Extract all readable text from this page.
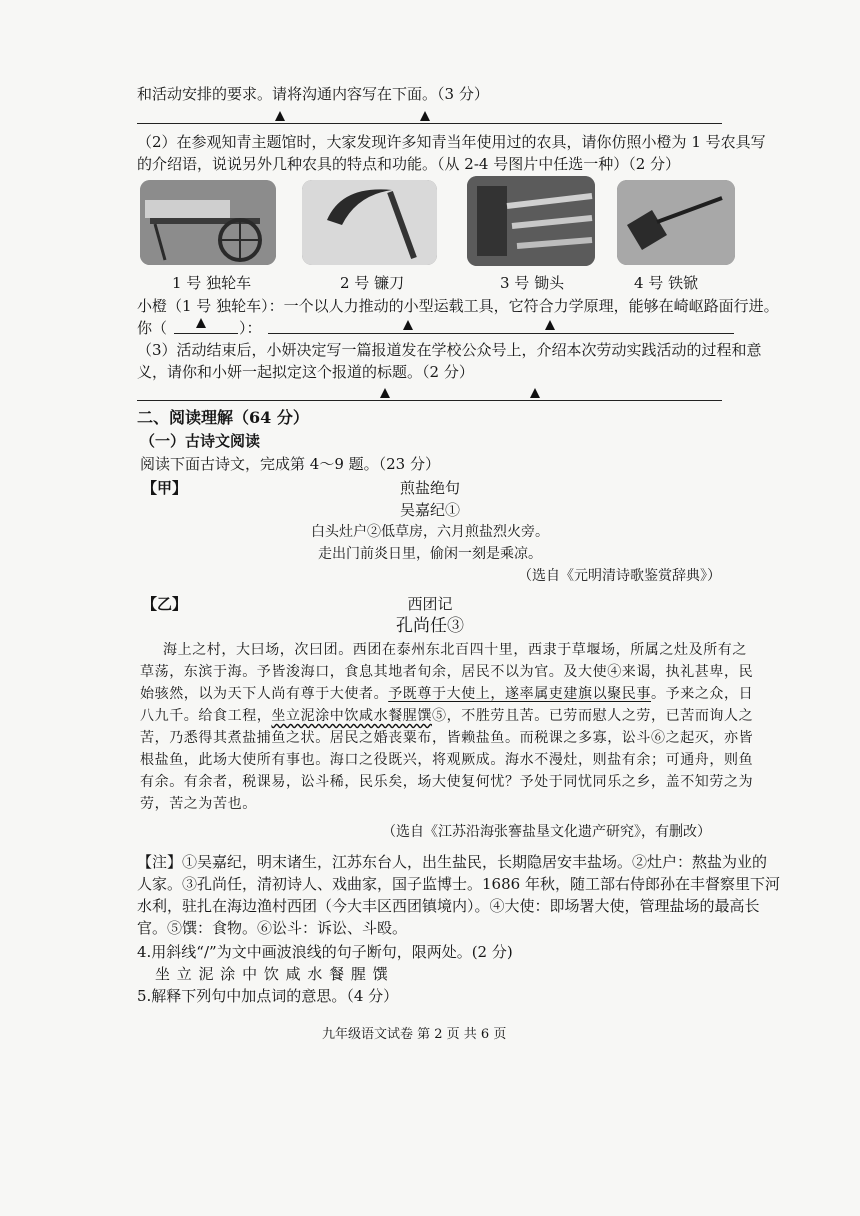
和活动安排的要求。请将沟通内容写在下面。（3 分）
（2）在参观知青主题馆时，大家发现许多知青当年使用过的农具，请你仿照小橙为 1 号农具写
的介绍语，说说另外几种农具的特点和功能。（从 2-4 号图片中任选一种）（2 分）
1 号 独轮车	2 号 镰刀	3 号 锄头	4 号 铁锨
小橙（1 号 独轮车）：一个以人力推动的小型运载工具，它符合力学原理，能够在崎岖路面行进。
你（	）：
（3）活动结束后，小妍决定写一篇报道发在学校公众号上，介绍本次劳动实践活动的过程和意
义，请你和小妍一起拟定这个报道的标题。（2 分）
二、阅读理解（64 分）
（一）古诗文阅读
阅读下面古诗文，完成第 4～9 题。（23 分）
【甲】	煎盐绝句
吴嘉纪①
白头灶户②低草房，六月煎盐烈火旁。
走出门前炎日里，偷闲一刻是乘凉。
（选自《元明清诗歌鉴赏辞典》）
【乙】	西团记
孔尚任③
海上之村，大曰场，次曰团。西团在泰州东北百四十里，西隶于草堰场，所属之灶及所有之
草荡，东滨于海。予皆浚海口，食息其地者旬余，居民不以为官。及大使④来谒，执礼甚卑，民
始骇然，以为天下人尚有尊于大使者。予既尊于大使上，遂率属吏建旗以聚民事。予来之众，日
八九千。给食工程，坐立泥涂中饮咸水餐腥馔⑤，不胜劳且苦。已劳而慰人之劳，已苦而询人之
苦，乃悉得其煮盐捕鱼之状。居民之婚丧粟布，皆赖盐鱼。而税课之多寡，讼斗⑥之起灭，亦皆
根盐鱼，此场大使所有事也。海口之役既兴，将观厥成。海水不漫灶，则盐有余；可通舟，则鱼
有余。有余者，税课易，讼斗稀，民乐矣，场大使复何忧？予处于同忧同乐之乡，盖不知劳之为
劳，苦之为苦也。
（选自《江苏沿海张謇盐垦文化遗产研究》，有删改）
【注】①吴嘉纪，明末诸生，江苏东台人，出生盐民，长期隐居安丰盐场。②灶户：熬盐为业的
人家。③孔尚任，清初诗人、戏曲家，国子监博士。1686 年秋，随工部右侍郎孙在丰督察里下河
水利，驻扎在海边渔村西团（今大丰区西团镇境内）。④大使：即场署大使，管理盐场的最高长
官。⑤馔：食物。⑥讼斗：诉讼、斗殴。
4.用斜线“/”为文中画波浪线的句子断句，限两处。(2 分)
坐 立 泥 涂 中 饮 咸 水 餐 腥 馔
5.解释下列句中加点词的意思。（4 分）
九年级语文试卷 第 2 页 共 6 页
